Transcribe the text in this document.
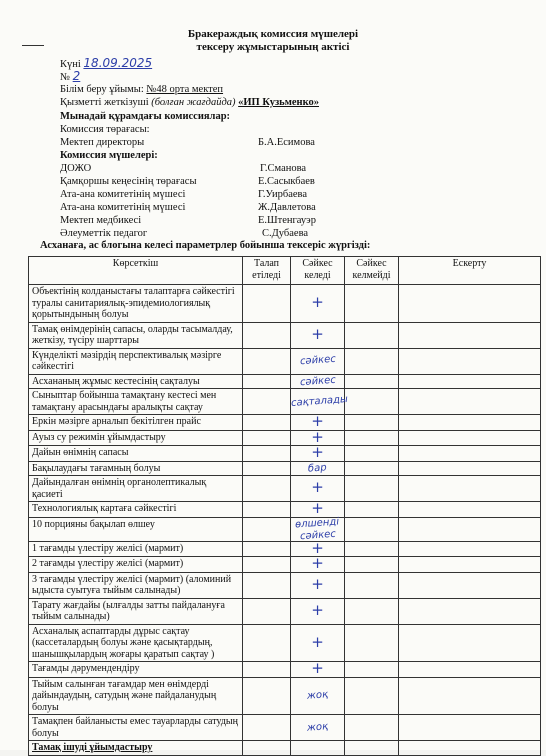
Бракераждық комиссия мүшелері
тексеру жұмыстарының актісі
Күні 18.09.2025
№ 2
Білім беру ұйымы: №48 орта мектеп
Қызметті жеткізуші (болған жағдайда) «ИП Кузьменко»
Мынадай құрамдағы комиссиялар:
Комиссия төрағасы:
Мектеп директоры	Б.А.Есимова
Комиссия мүшелері:
ДОЖО	Г.Сманова
Қамқоршы кеңесінің төрағасы	Е.Сасыкбаев
Ата-ана комитетінің мүшесі	Г.Уирбаева
Ата-ана комитетінің мүшесі	Ж.Давлетова
Мектеп медбикесі	Е.Штенгауэр
Әлеуметтік педагог	С.Дубаева
Асханаға, ас блогына келесі параметрлер бойынша тексеріс жүргізді:
Көрсеткіш	Талап етіледі	Сәйкес келеді	Сәйкес келмейді	Ескерту
Объектінің колданыстағы талаптарға сәйкестігі туралы санитариялық-эпидемиологиялық қорытындының болуы		+		
Тамақ өнімдерінің сапасы, оларды тасымалдау, жеткізу, түсіру шарттары		+		
Күнделікті мәзірдің перспективалық мәзірге сәйкестігі		сәйкес		
Асхананың жұмыс кестесінің сақталуы		сәйкес		
Сыныптар бойынша тамақтану кестесі мен тамақтану арасындағы аралықты сақтау		сақталады		
Еркін мәзірге арналып бекітілген прайс		+		
Ауыз су режимін ұйымдастыру		+		
Дайын өнімнің сапасы		+		
Бақылаудағы тағамның болуы		бар		
Дайындалған өнімнің органолептикалық қасиеті		+		
Технологиялық картаға сәйкестігі		+		
10 порцияны бақылап өлшеу		өлшенді сәйкес		
1 тағамды үлестіру желісі (мармит)		+		
2 тағамды үлестіру желісі (мармит)		+		
3 тағамды үлестіру желісі (мармит) (аломиний ыдыста суытуға тыйым салынады)		+		
Тарату жағдайы (ылғалды затты пайдалануға тыйым салынады)		+		
Асханалық аспаптарды дұрыс сақтау (кассеталардың болуы және қасықтардың, шанышқылардың жоғары қаратып сақтау )		+		
Тағамды дәрумендендіру		+		
Тыйым салынған тағамдар мен өнімдерді дайындаудың, сатудың және пайдаланудың болуы		жоқ		
Тамақпен байланысты емес тауарларды сатудың болуы		жоқ		
Тамақ ішуді ұйымдастыру				
